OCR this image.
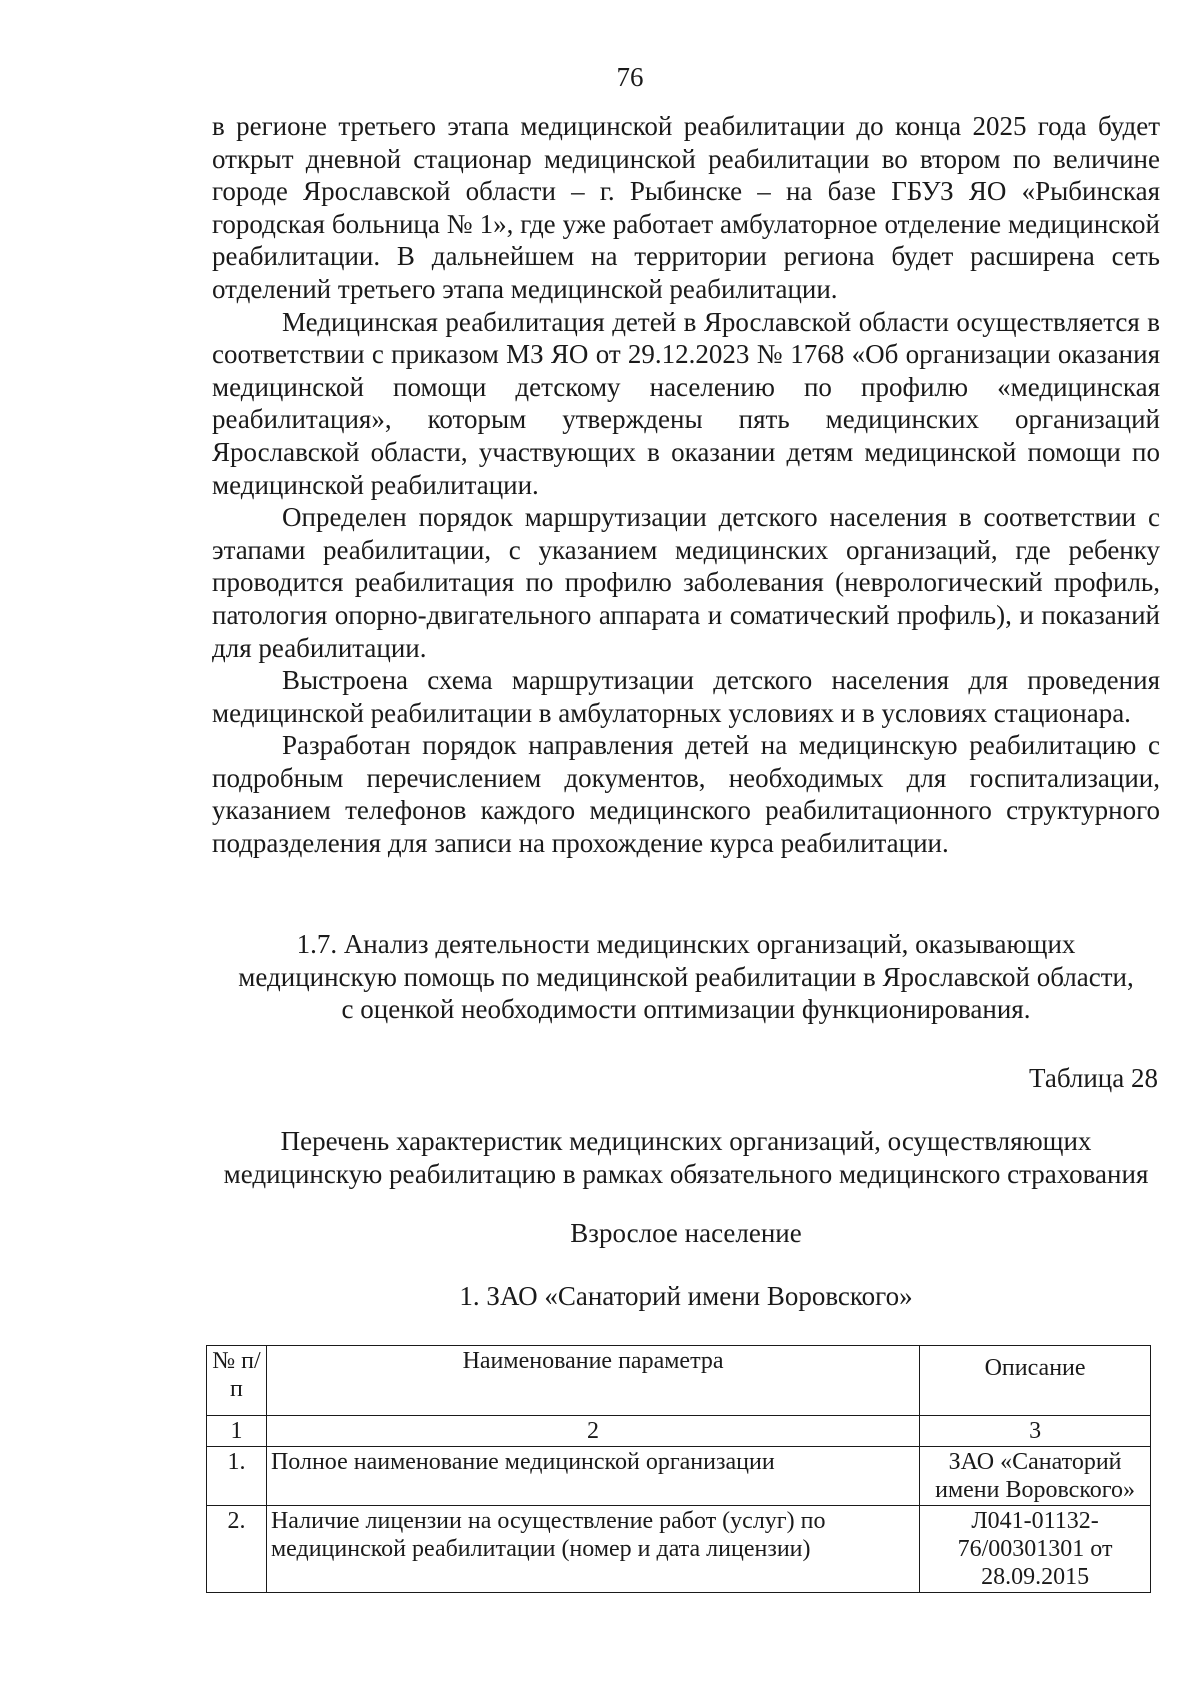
76

в регионе третьего этапа медицинской реабилитации до конца 2025 года будет открыт дневной стационар медицинской реабилитации во втором по величине городе Ярославской области – г. Рыбинске – на базе ГБУЗ ЯО «Рыбинская городская больница № 1», где уже работает амбулаторное отделение медицинской реабилитации. В дальнейшем на территории региона будет расширена сеть отделений третьего этапа медицинской реабилитации.

Медицинская реабилитация детей в Ярославской области осуществляется в соответствии с приказом МЗ ЯО от 29.12.2023 № 1768 «Об организации оказания медицинской помощи детскому населению по профилю «медицинская реабилитация», которым утверждены пять медицинских организаций Ярославской области, участвующих в оказании детям медицинской помощи по медицинской реабилитации.

Определен порядок маршрутизации детского населения в соответствии с этапами реабилитации, с указанием медицинских организаций, где ребенку проводится реабилитация по профилю заболевания (неврологический профиль, патология опорно-двигательного аппарата и соматический профиль), и показаний для реабилитации.

Выстроена схема маршрутизации детского населения для проведения медицинской реабилитации в амбулаторных условиях и в условиях стационара.

Разработан порядок направления детей на медицинскую реабилитацию с подробным перечислением документов, необходимых для госпитализации, указанием телефонов каждого медицинского реабилитационного структурного подразделения для записи на прохождение курса реабилитации.

1.7. Анализ деятельности медицинских организаций, оказывающих
медицинскую помощь по медицинской реабилитации в Ярославской области,
с оценкой необходимости оптимизации функционирования.
Таблица 28
Перечень характеристик медицинских организаций, осуществляющих
медицинскую реабилитацию в рамках обязательного медицинского страхования
Взрослое население
1. ЗАО «Санаторий имени Воровского»
№ п/п	Наименование параметра	Описание
1	2	3
1.	Полное наименование медицинской организации	ЗАО «Санаторий имени Воровского»
2.	Наличие лицензии на осуществление работ (услуг) по медицинской реабилитации (номер и дата лицензии)	Л041-01132-76/00301301 от 28.09.2015
